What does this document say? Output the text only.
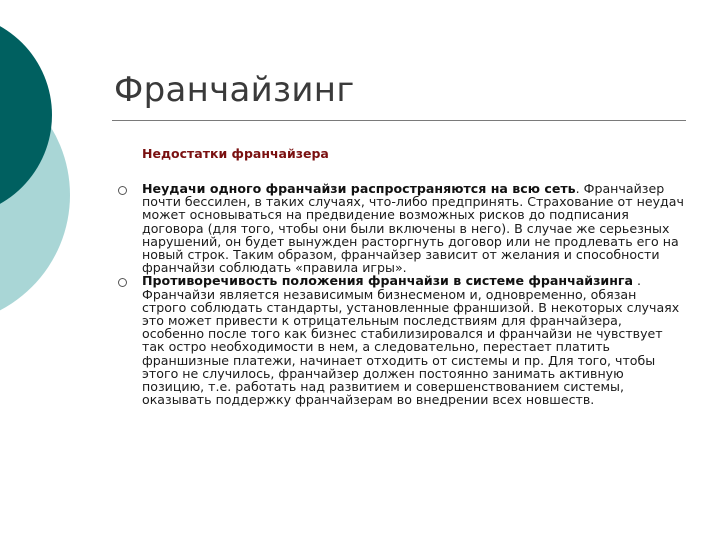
Франчайзинг
Недостатки франчайзера

Неудачи одного франчайзи распространяются на всю сеть. Франчайзер почти бессилен, в таких случаях, что-либо предпринять. Страхование от неудач может основываться на предвидение возможных рисков до подписания договора (для того, чтобы они были включены в него). В случае же серьезных нарушений, он будет вынужден расторгнуть договор или не продлевать его на новый строк. Таким образом, франчайзер зависит от желания и способности франчайзи соблюдать «правила игры».

Противоречивость положения франчайзи в системе франчайзинга . Франчайзи является независимым бизнесменом и, одновременно, обязан строго соблюдать стандарты, установленные франшизой. В некоторых случаях это может привести к отрицательным последствиям для франчайзера, особенно после того как бизнес стабилизировался и франчайзи не чувствует так остро необходимости в нем, а следовательно, перестает платить франшизные платежи, начинает отходить от системы и пр. Для того, чтобы этого не случилось, франчайзер должен постоянно занимать активную позицию, т.е. работать над развитием и совершенствованием системы, оказывать поддержку франчайзерам во внедрении всех новшеств.
